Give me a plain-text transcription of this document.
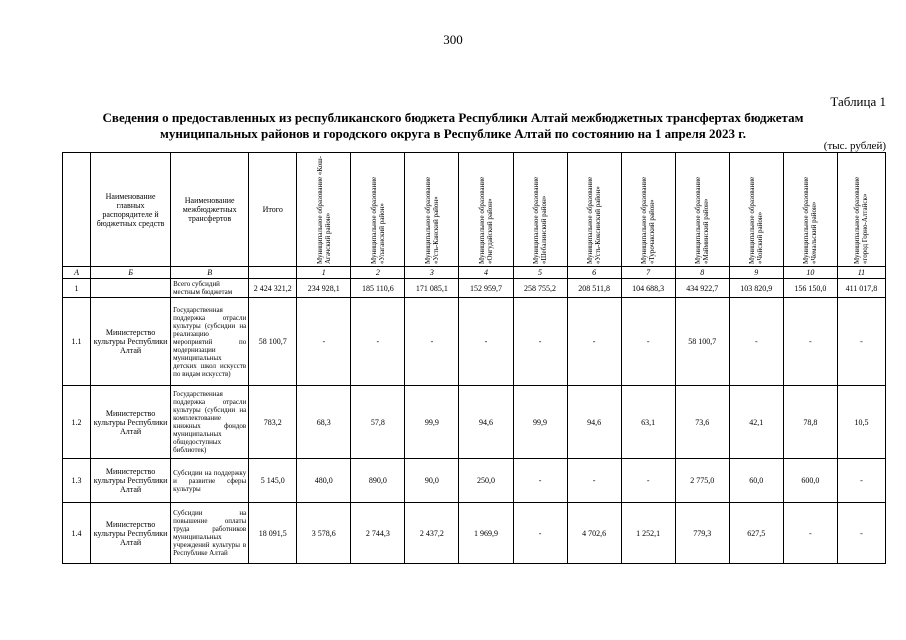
300
Таблица 1
Сведения о предоставленных из республиканского бюджета Республики Алтай межбюджетных трансфертах бюджетам
муниципальных районов и городского округа в Республике Алтай по состоянию на 1 апреля 2023 г.
(тыс. рублей)
	Наименование главных распорядителе й бюджетных средств	Наименование межбюджетных трансфертов	Итого	Муниципальное образование «Кош-Агачский район»	Муниципальное образование «Улаганский район»	Муниципальное образование «Усть-Канский район»	Муниципальное образование «Онгудайский район»	Муниципальное образование «Шебалинский район»	Муниципальное образование «Усть-Коксинский район»	Муниципальное образование «Турочакский район»	Муниципальное образование «Майминский район»	Муниципальное образование «Чойский район»	Муниципальное образование «Чемальский район»	Муниципальное образование «город Горно-Алтайск»

А	Б	В		1	2	3	4	5	6	7	8	9	10	11
1		Всего субсидий местным бюджетам	2 424 321,2	234 928,1	185 110,6	171 085,1	152 959,7	258 755,2	208 511,8	104 688,3	434 922,7	103 820,9	156 150,0	411 017,8
1.1	Министерство культуры Республики Алтай	Государственная поддержка отрасли культуры (субсидии на реализацию мероприятий по модернизации муниципальных детских школ искусств по видам искусств)	58 100,7	-	-	-	-	-	-	-	58 100,7	-	-	-
1.2	Министерство культуры Республики Алтай	Государственная поддержка отрасли культуры (субсидии на комплектование книжных фондов муниципальных общедоступных библиотек)	783,2	68,3	57,8	99,9	94,6	99,9	94,6	63,1	73,6	42,1	78,8	10,5
1.3	Министерство культуры Республики Алтай	Субсидии на поддержку и развитие сферы культуры	5 145,0	480,0	890,0	90,0	250,0	-	-	-	2 775,0	60,0	600,0	-
1.4	Министерство культуры Республики Алтай	Субсидии на повышение оплаты труда работников муниципальных учреждений культуры в Республике Алтай	18 091,5	3 578,6	2 744,3	2 437,2	1 969,9	-	4 702,6	1 252,1	779,3	627,5	-	-
